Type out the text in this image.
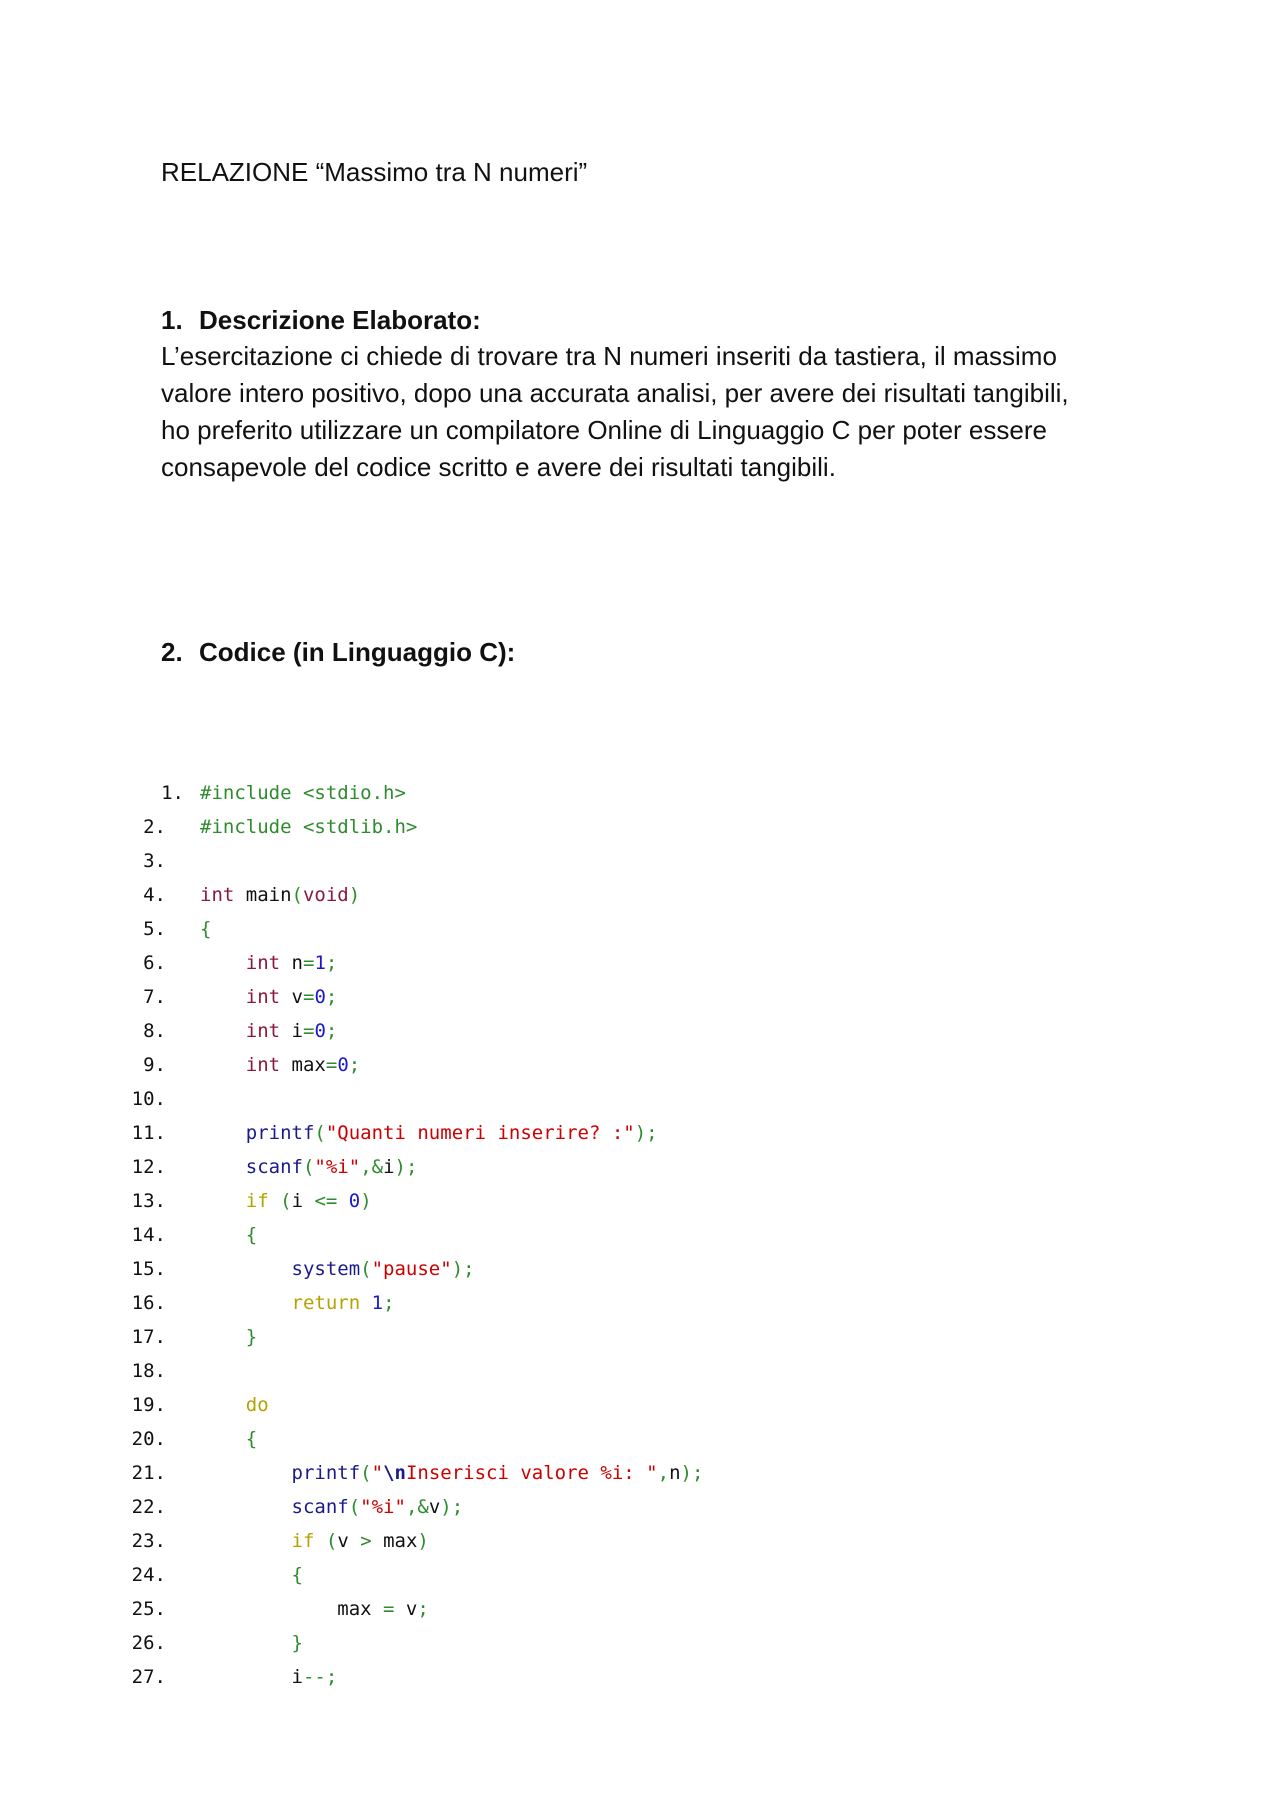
RELAZIONE “Massimo tra N numeri”
1. Descrizione Elaborato:
L’esercitazione ci chiede di trovare tra N numeri inseriti da tastiera, il massimo
valore intero positivo, dopo una accurata analisi, per avere dei risultati tangibili,
ho preferito utilizzare un compilatore Online di Linguaggio C per poter essere
consapevole del codice scritto e avere dei risultati tangibili.
2. Codice (in Linguaggio C):
1. #include <stdio.h>
2. #include <stdlib.h>
3.
4. int main(void)
5. {
6.	int n=1;
7.	int v=0;
8.	int i=0;
9.	int max=0;
10.
11.	printf("Quanti numeri inserire? :");
12.	scanf("%i",&i);
13.	if (i <= 0)
14.	{
15.	system("pause");
16.	return 1;
17.	}
18.
19.	do
20.	{
21.	printf("\nInserisci valore %i: ",n);
22.	scanf("%i",&v);
23.	if (v > max)
24.	{
25. max = v;
26.	}
27. i--;
